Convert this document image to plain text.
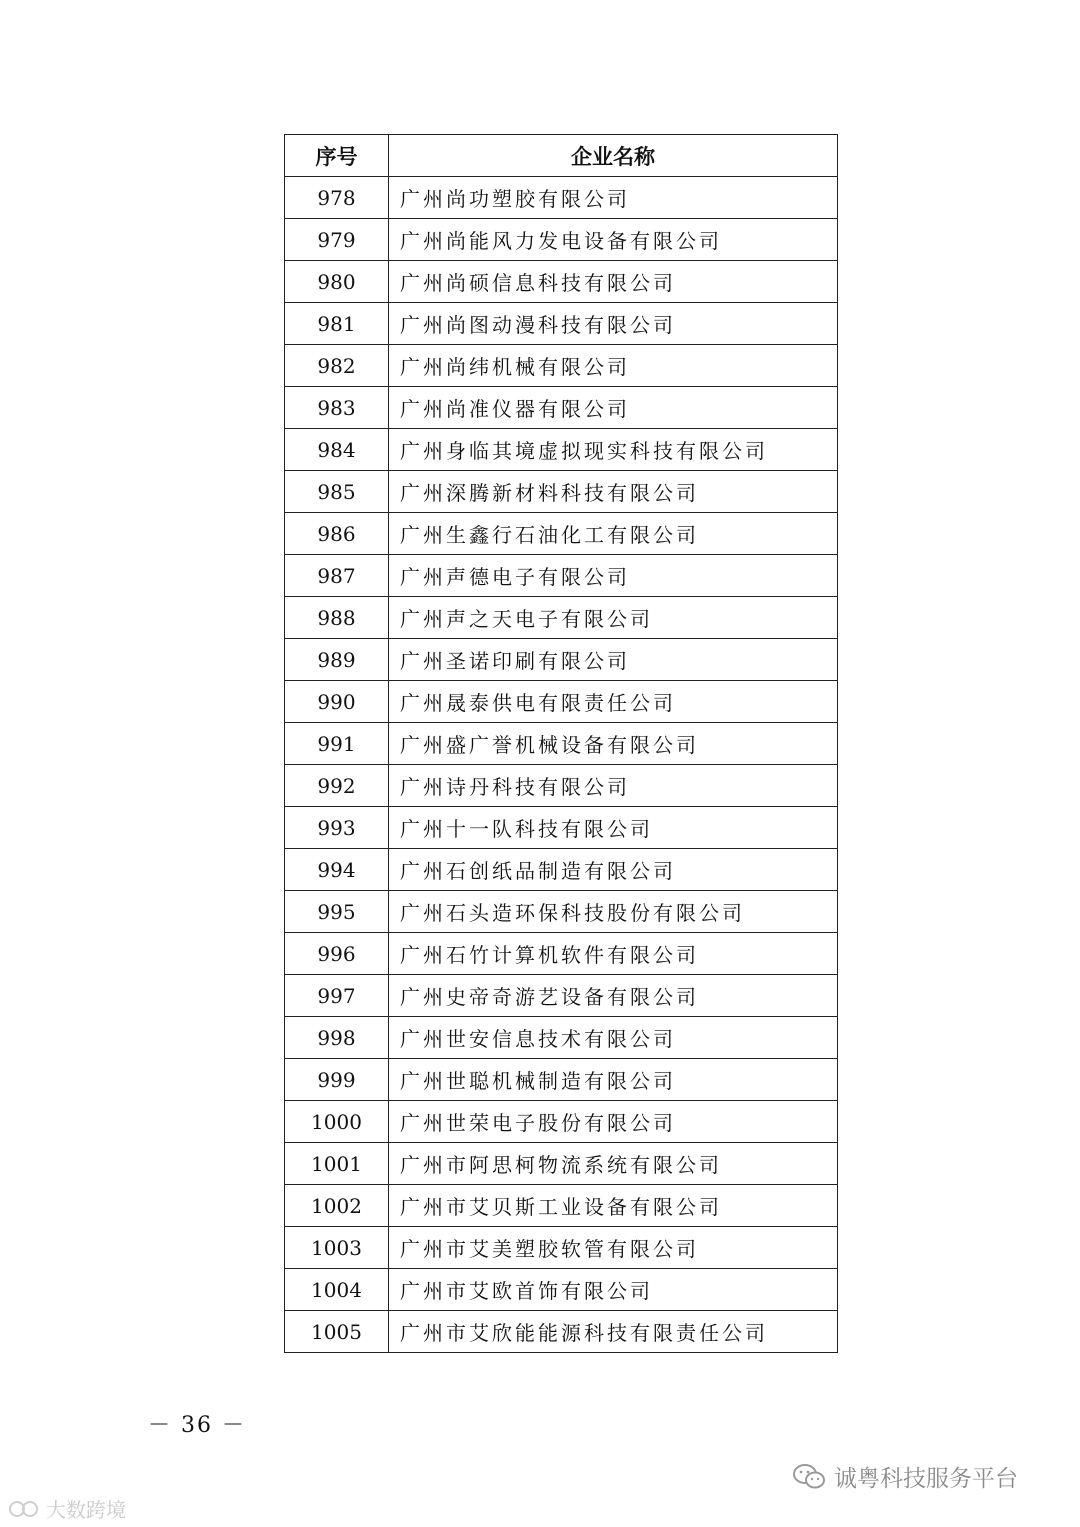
序号	企业名称
978	广州尚功塑胶有限公司
979	广州尚能风力发电设备有限公司
980	广州尚硕信息科技有限公司
981	广州尚图动漫科技有限公司
982	广州尚纬机械有限公司
983	广州尚准仪器有限公司
984	广州身临其境虚拟现实科技有限公司
985	广州深腾新材料科技有限公司
986	广州生鑫行石油化工有限公司
987	广州声德电子有限公司
988	广州声之天电子有限公司
989	广州圣诺印刷有限公司
990	广州晟泰供电有限责任公司
991	广州盛广誉机械设备有限公司
992	广州诗丹科技有限公司
993	广州十一队科技有限公司
994	广州石创纸品制造有限公司
995	广州石头造环保科技股份有限公司
996	广州石竹计算机软件有限公司
997	广州史帝奇游艺设备有限公司
998	广州世安信息技术有限公司
999	广州世聪机械制造有限公司
1000	广州世荣电子股份有限公司
1001	广州市阿思柯物流系统有限公司
1002	广州市艾贝斯工业设备有限公司
1003	广州市艾美塑胶软管有限公司
1004	广州市艾欧首饰有限公司
1005	广州市艾欣能能源科技有限责任公司
－ 36 －
大数跨境
诚粤科技服务平台
